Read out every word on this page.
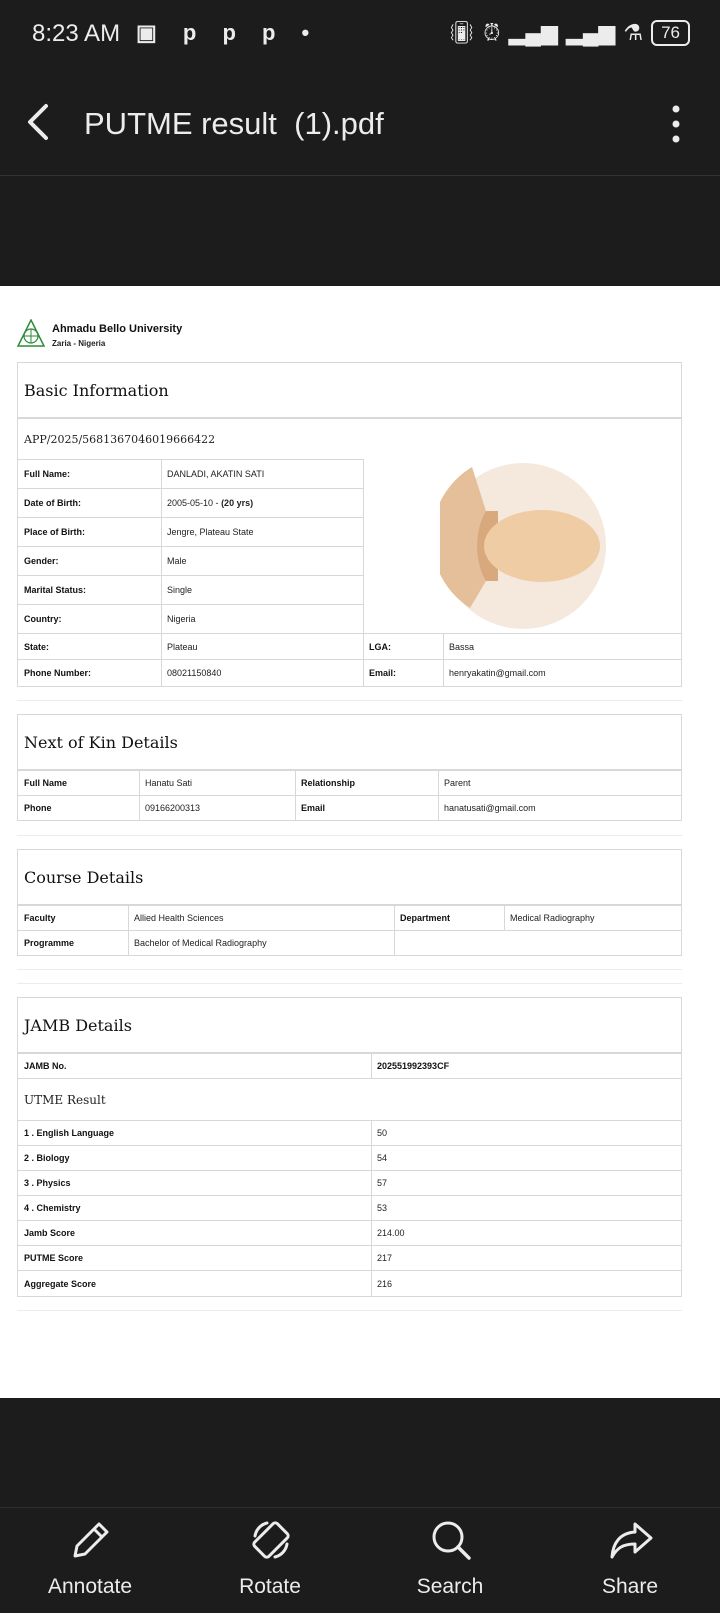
8:23 AM ▣ p p p •	📳︎ ⏰︎ ▂▄▆ ▂▄▆ ⚗	76
PUTME result  (1).pdf
Ahmadu Bello University
Zaria - Nigeria
Basic Information
APP/2025/5681367046019666422
Full Name:	DANLADI, AKATIN SATI
Date of Birth:	2005-05-10 -
(20 yrs)
Place of Birth:	Jengre, Plateau State
Gender:	Male
Marital Status:	Single
Country:	Nigeria
State:	Plateau	LGA:	Bassa
Phone Number:	08021150840	Email:	henryakatin@gmail.com
Next of Kin Details
Full Name	Hanatu Sati	Relationship	Parent
Phone	09166200313	Email	hanatusati@gmail.com
Course Details
Faculty	Allied Health Sciences	Department	Medical Radiography
Programme	Bachelor of Medical Radiography
JAMB Details
JAMB No.	202551992393CF
UTME Result
1 . English Language	50
2 . Biology	54
3 . Physics	57
4 . Chemistry	53
Jamb Score	214.00
PUTME Score	217
Aggregate Score	216
Annotate	Rotate	Search	Share
